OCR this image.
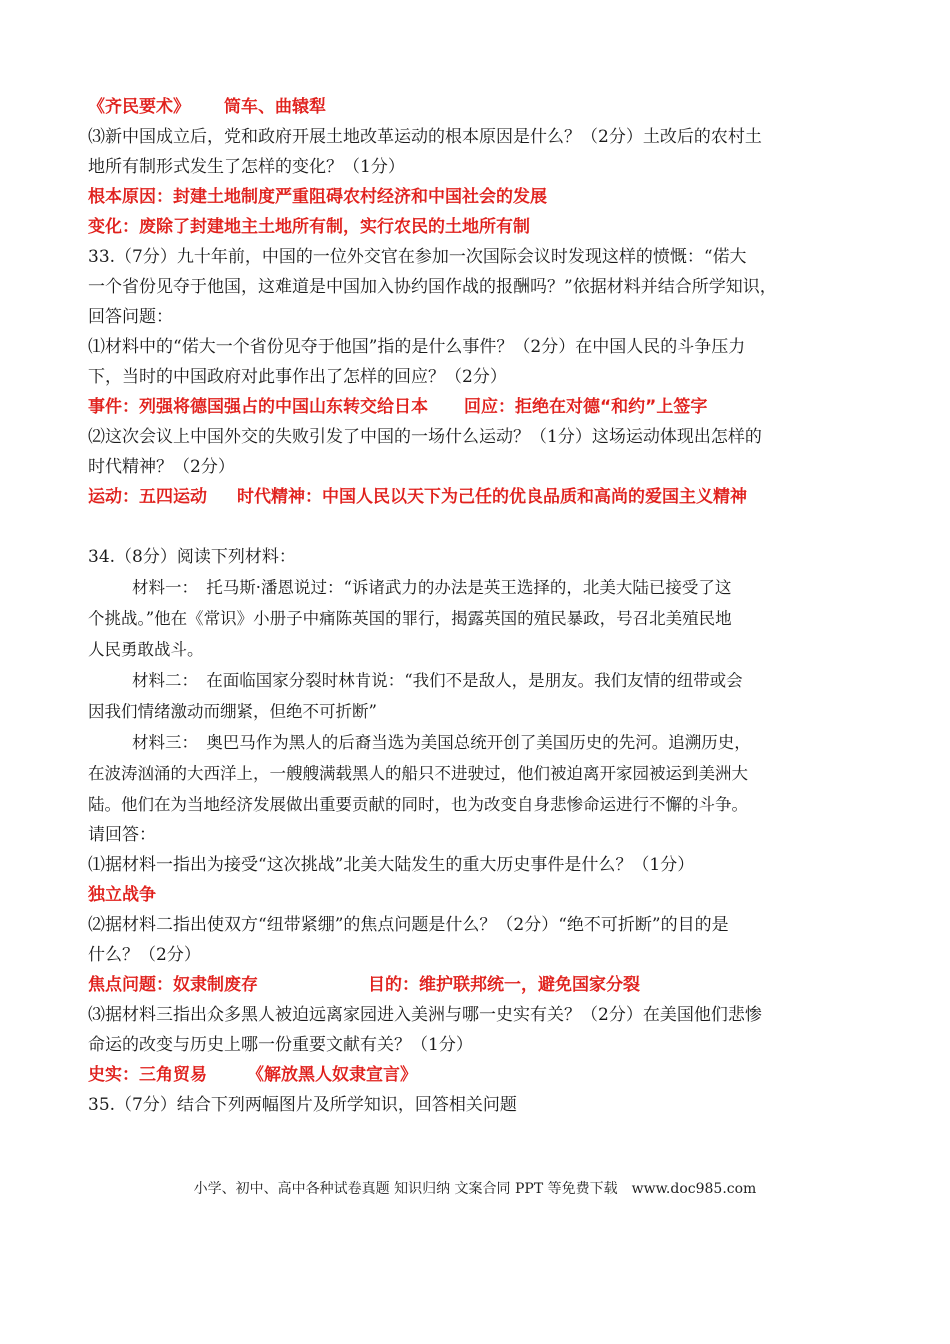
《齐民要术》 筒车、曲辕犁
⑶新中国成立后，党和政府开展土地改革运动的根本原因是什么？（2分）土改后的农村土
地所有制形式发生了怎样的变化？（1分）
根本原因：封建土地制度严重阻碍农村经济和中国社会的发展
变化：废除了封建地主土地所有制，实行农民的土地所有制
33.（7分）九十年前，中国的一位外交官在参加一次国际会议时发现这样的愤慨：“偌大
一个省份见夺于他国，这难道是中国加入协约国作战的报酬吗？”依据材料并结合所学知识，
回答问题：
⑴材料中的“偌大一个省份见夺于他国”指的是什么事件？（2分）在中国人民的斗争压力
下，当时的中国政府对此事作出了怎样的回应？（2分）
事件：列强将德国强占的中国山东转交给日本 回应：拒绝在对德“和约”上签字
⑵这次会议上中国外交的失败引发了中国的一场什么运动？（1分）这场运动体现出怎样的
时代精神？（2分）
运动：五四运动 时代精神：中国人民以天下为己任的优良品质和高尚的爱国主义精神
34.（8分）阅读下列材料：
材料一：　托马斯·潘恩说过：“诉诸武力的办法是英王选择的，北美大陆已接受了这
个挑战。”他在《常识》小册子中痛陈英国的罪行，揭露英国的殖民暴政，号召北美殖民地
人民勇敢战斗。
材料二：　在面临国家分裂时林肯说：“我们不是敌人，是朋友。我们友情的纽带或会
因我们情绪激动而绷紧，但绝不可折断”
材料三：　奥巴马作为黑人的后裔当选为美国总统开创了美国历史的先河。追溯历史，
在波涛汹涌的大西洋上，一艘艘满载黑人的船只不进驶过，他们被迫离开家园被运到美洲大
陆。他们在为当地经济发展做出重要贡献的同时，也为改变自身悲惨命运进行不懈的斗争。
请回答：
⑴据材料一指出为接受“这次挑战”北美大陆发生的重大历史事件是什么？（1分）
独立战争
⑵据材料二指出使双方“纽带紧绷”的焦点问题是什么？（2分）“绝不可折断”的目的是
什么？（2分）
焦点问题：奴隶制废存	目的：维护联邦统一，避免国家分裂
⑶据材料三指出众多黑人被迫远离家园进入美洲与哪一史实有关？（2分）在美国他们悲惨
命运的改变与历史上哪一份重要文献有关？（1分）
史实：三角贸易 《解放黑人奴隶宣言》
35.（7分）结合下列两幅图片及所学知识，回答相关问题
小学、初中、高中各种试卷真题 知识归纳 文案合同 PPT 等免费下载　www.doc985.com
